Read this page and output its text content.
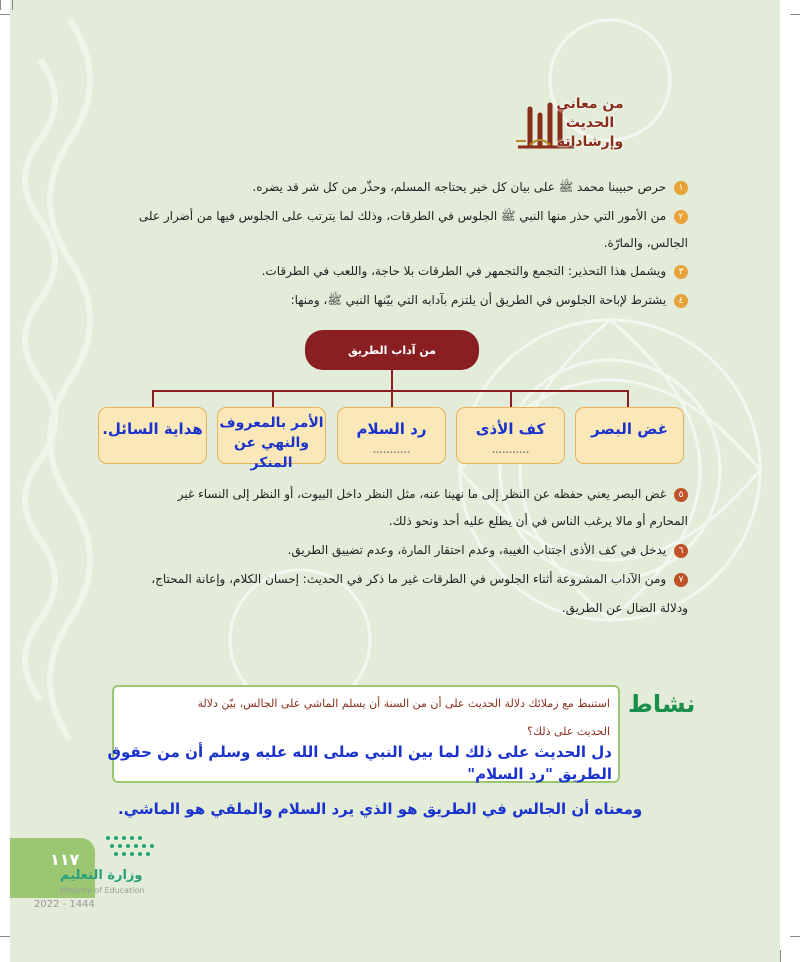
من معاني الحديث
وإرشاداته
١ حرص حبيبنا محمد ﷺ على بيان كل خير يحتاجه المسلم، وحذّر من كل شر قد يضره.
٢ من الأمور التي حذر منها النبي ﷺ الجلوس في الطرقات، وذلك لما يترتب على الجلوس فيها من أضرار على
الجالس، والمارّة.
٣ ويشمل هذا التحذير: التجمع والتجمهر في الطرقات بلا حاجة، واللعب في الطرقات.
٤ يشترط لإباحة الجلوس في الطريق أن يلتزم بآدابه التي بيّنها النبي ﷺ، ومنها:
من آداب الطريق
غض البصر
كف الأذى ...........
رد السلام ...........
الأمر بالمعروف
والنهي عن المنكر
هداية السائل.
٥ غض البصر يعني حفظه عن النظر إلى ما نهينا عنه، مثل النظر داخل البيوت، أو النظر إلى النساء غير
المحارم أو مالا يرغب الناس في أن يطلع عليه أحد ونحو ذلك.
٦ يدخل في كف الأذى اجتناب الغيبة، وعدم احتقار المارة، وعدم تضييق الطريق.
٧ ومن الآداب المشروعة أثناء الجلوس في الطرقات غير ما ذكر في الحديث: إحسان الكلام، وإعانة المحتاج،
ودلالة الضال عن الطريق.
نشاط
استنبط مع زملائك دلالة الحديث على أن من السنة أن يسلم الماشي على الجالس، بيّن دلالة
الحديث على ذلك؟
دل الحديث على ذلك لما بين النبي صلى الله عليه وسلم أن من حقوق
الطريق "رد السلام"
ومعناه أن الجالس في الطريق هو الذي يرد السلام والملقي هو الماشي.
١١٧
وزارة التعليم
Ministry of Education
2022 - 1444
